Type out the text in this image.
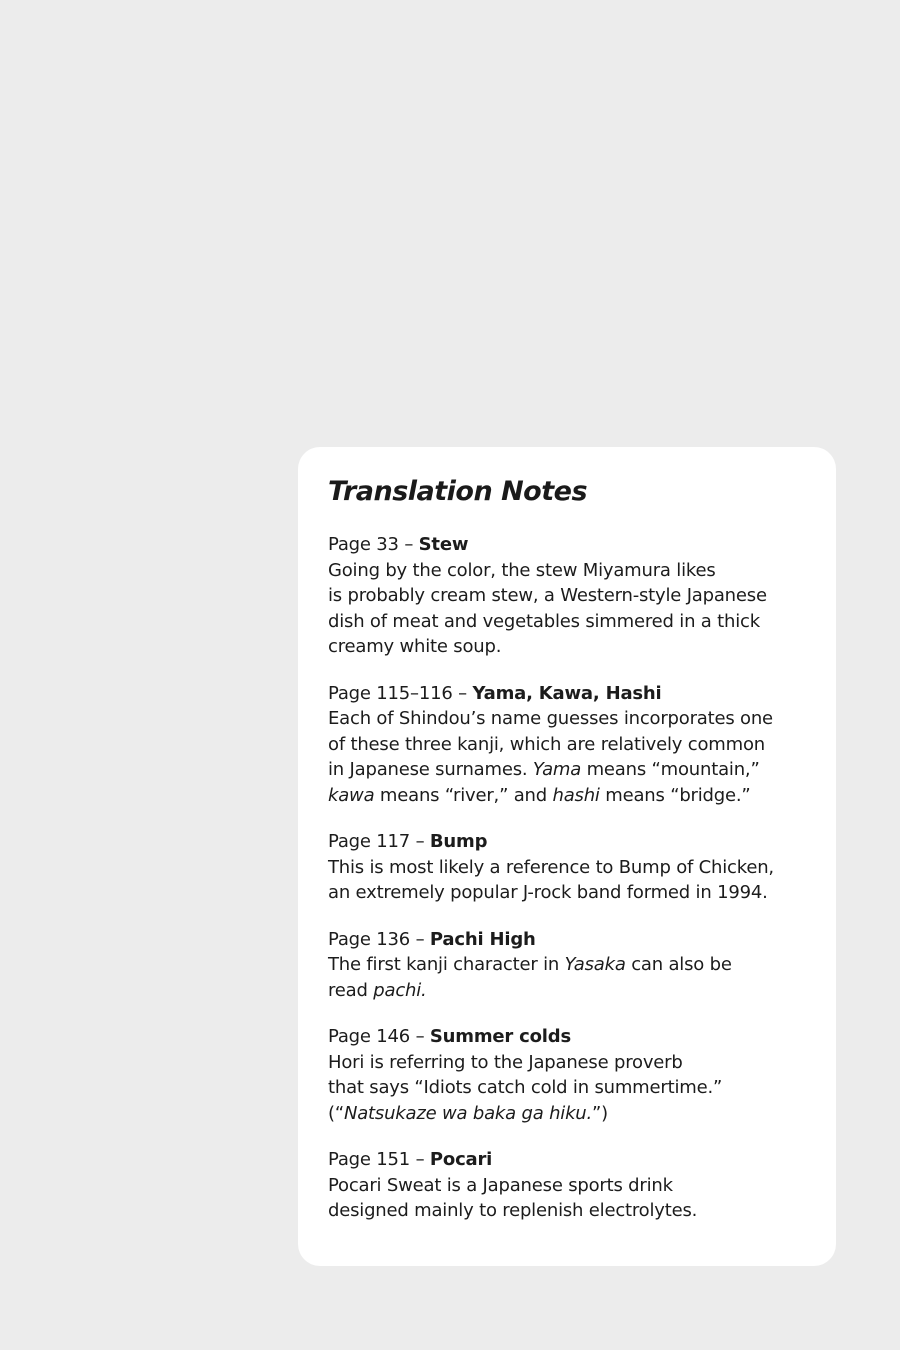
Translation Notes
Page 33 – Stew
Going by the color, the stew Miyamura likes
is probably cream stew, a Western-style Japanese
dish of meat and vegetables simmered in a thick
creamy white soup.
Page 115–116 – Yama, Kawa, Hashi
Each of Shindou’s name guesses incorporates one
of these three kanji, which are relatively common
in Japanese surnames. Yama means “mountain,”
kawa means “river,” and hashi means “bridge.”
Page 117 – Bump
This is most likely a reference to Bump of Chicken,
an extremely popular J-rock band formed in 1994.
Page 136 – Pachi High
The first kanji character in Yasaka can also be
read pachi.
Page 146 – Summer colds
Hori is referring to the Japanese proverb
that says “Idiots catch cold in summertime.”
(“Natsukaze wa baka ga hiku.”)
Page 151 – Pocari
Pocari Sweat is a Japanese sports drink
designed mainly to replenish electrolytes.
